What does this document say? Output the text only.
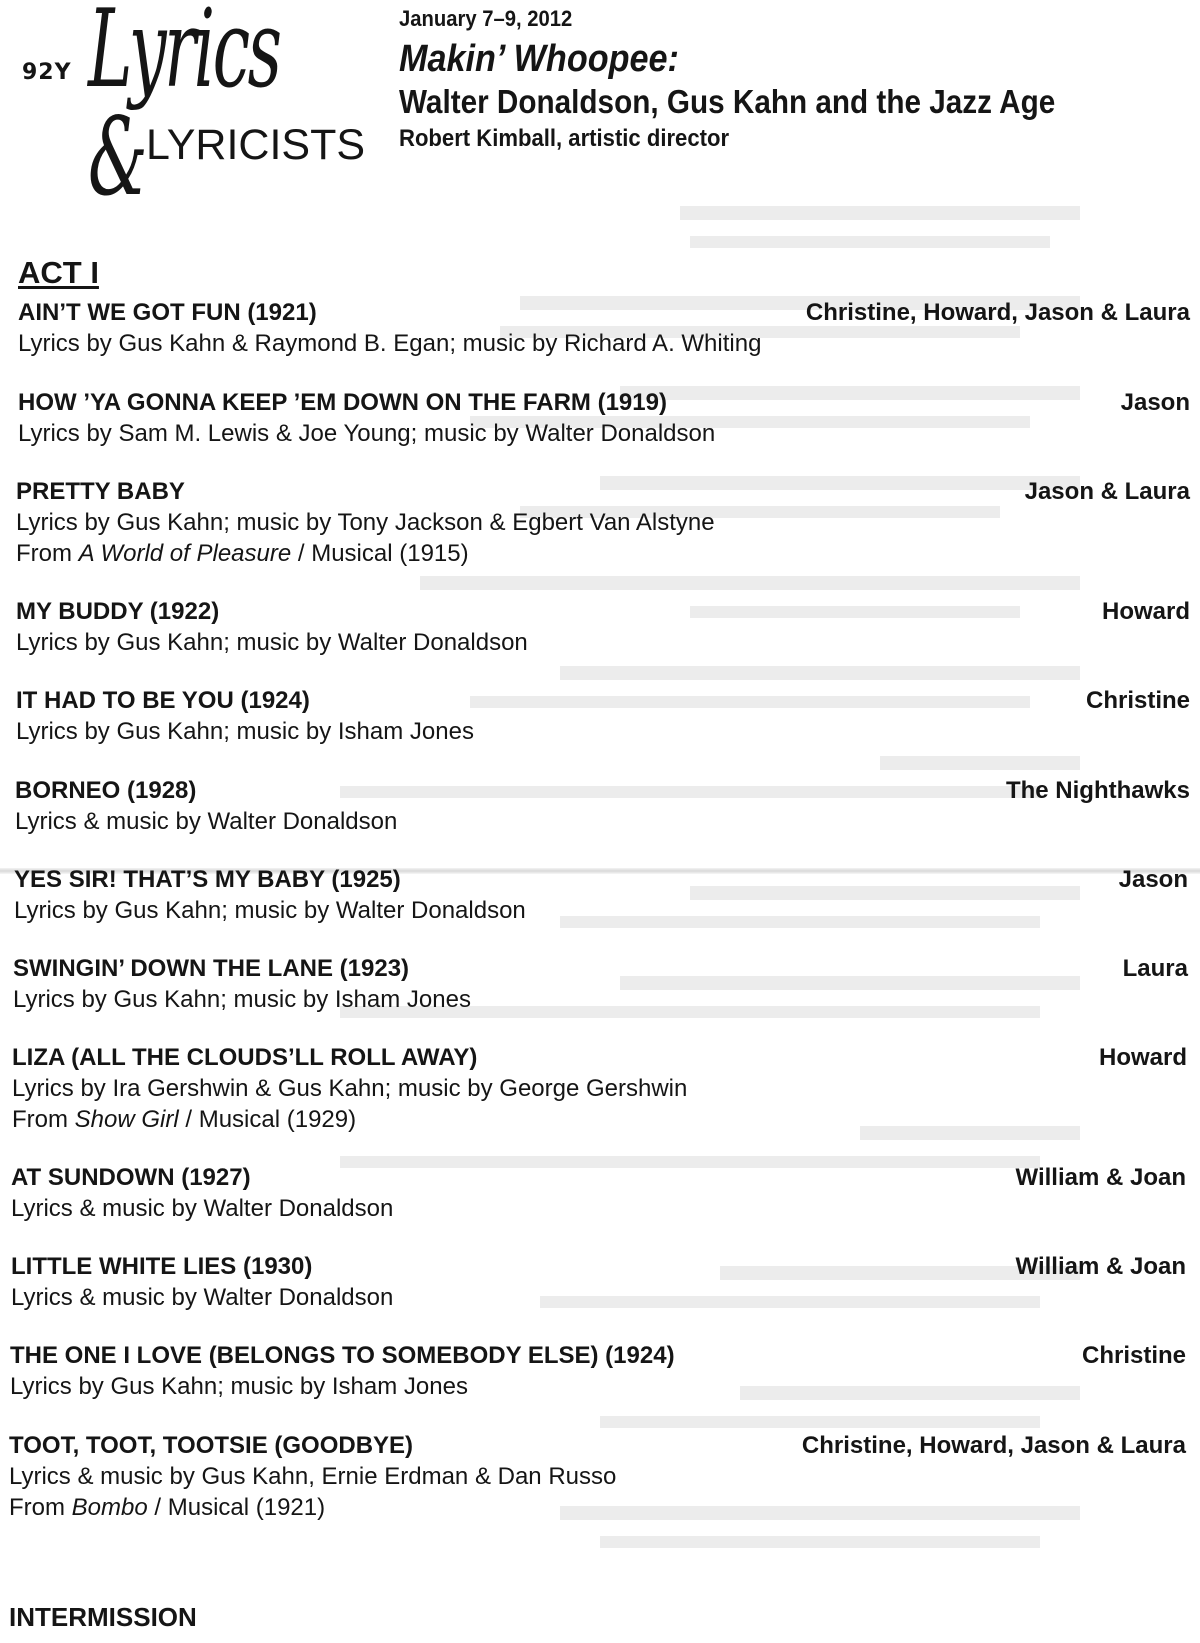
92Y Lyrics & LYRICISTS
January 7–9, 2012
Makin’ Whoopee:
Walter Donaldson, Gus Kahn and the Jazz Age
Robert Kimball, artistic director
ACT I
AIN’T WE GOT FUN (1921)	Christine, Howard, Jason & Laura
Lyrics by Gus Kahn & Raymond B. Egan; music by Richard A. Whiting
HOW ’YA GONNA KEEP ’EM DOWN ON THE FARM (1919)	Jason
Lyrics by Sam M. Lewis & Joe Young; music by Walter Donaldson
PRETTY BABY	Jason & Laura
Lyrics by Gus Kahn; music by Tony Jackson & Egbert Van Alstyne
From A World of Pleasure / Musical (1915)
MY BUDDY (1922)	Howard
Lyrics by Gus Kahn; music by Walter Donaldson
IT HAD TO BE YOU (1924)	Christine
Lyrics by Gus Kahn; music by Isham Jones
BORNEO (1928)	The Nighthawks
Lyrics & music by Walter Donaldson
YES SIR! THAT’S MY BABY (1925)	Jason
Lyrics by Gus Kahn; music by Walter Donaldson
SWINGIN’ DOWN THE LANE (1923)	Laura
Lyrics by Gus Kahn; music by Isham Jones
LIZA (ALL THE CLOUDS’LL ROLL AWAY)	Howard
Lyrics by Ira Gershwin & Gus Kahn; music by George Gershwin
From Show Girl / Musical (1929)
AT SUNDOWN (1927)	William & Joan
Lyrics & music by Walter Donaldson
LITTLE WHITE LIES (1930)	William & Joan
Lyrics & music by Walter Donaldson
THE ONE I LOVE (BELONGS TO SOMEBODY ELSE) (1924)	Christine
Lyrics by Gus Kahn; music by Isham Jones
TOOT, TOOT, TOOTSIE (GOODBYE)	Christine, Howard, Jason & Laura
Lyrics & music by Gus Kahn, Ernie Erdman & Dan Russo
From Bombo / Musical (1921)
INTERMISSION
